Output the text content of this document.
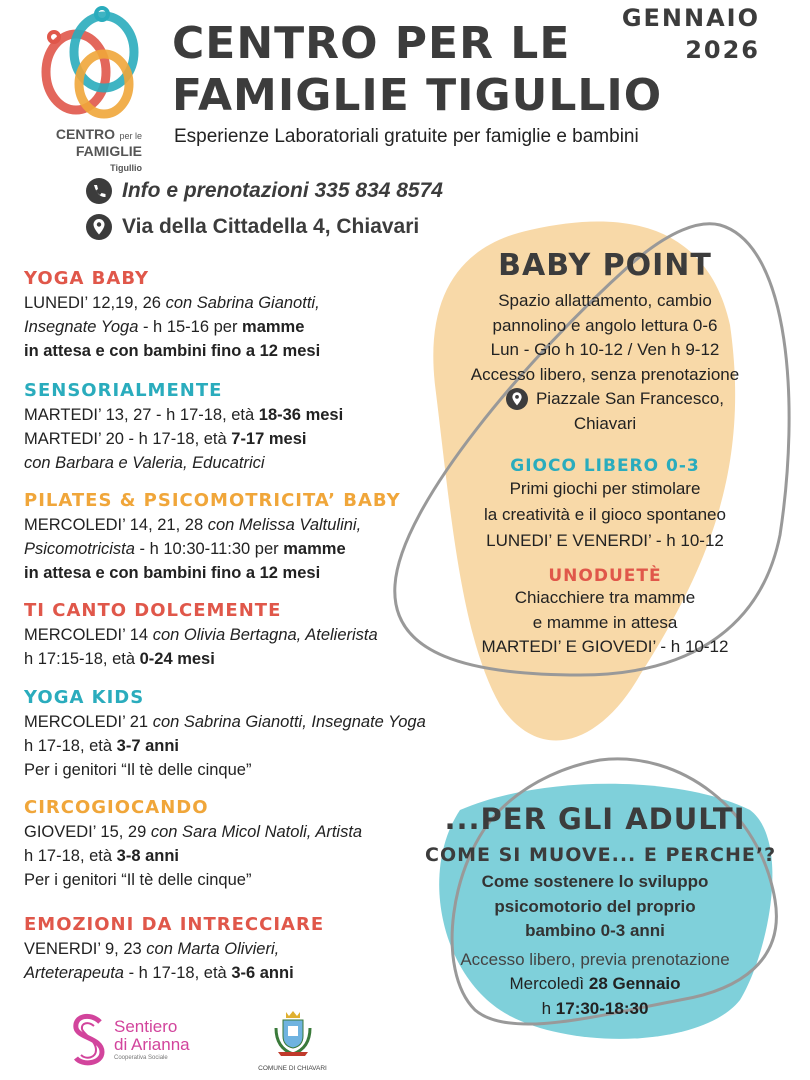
CENTRO per le
FAMIGLIE
Tigullio
CENTRO PER LE
FAMIGLIE TIGULLIO
GENNAIO
2026
Esperienze Laboratoriali gratuite per famiglie e bambini
Info e prenotazioni 335 834 8574
Via della Cittadella 4, Chiavari
YOGA BABY
LUNEDI’ 12,19, 26 con Sabrina Gianotti,
Insegnate Yoga - h 15-16 per mamme
in attesa e con bambini fino a 12 mesi
SENSORIALMENTE
MARTEDI’ 13, 27 - h 17-18, età 18-36 mesi
MARTEDI’ 20 - h 17-18, età 7-17 mesi
con Barbara e Valeria, Educatrici
PILATES & PSICOMOTRICITA’ BABY
MERCOLEDI’ 14, 21, 28 con Melissa Valtulini,
Psicomotricista - h 10:30-11:30 per mamme
in attesa e con bambini fino a 12 mesi
TI CANTO DOLCEMENTE
MERCOLEDI’ 14 con Olivia Bertagna, Atelierista
h 17:15-18, età 0-24 mesi
YOGA KIDS
MERCOLEDI’ 21 con Sabrina Gianotti, Insegnate Yoga
h 17-18, età 3-7 anni
Per i genitori “Il tè delle cinque”
CIRCOGIOCANDO
GIOVEDI’ 15, 29 con Sara Micol Natoli, Artista
h 17-18, età 3-8 anni
Per i genitori “Il tè delle cinque”
EMOZIONI DA INTRECCIARE
VENERDI’ 9, 23 con Marta Olivieri,
Arteterapeuta - h 17-18, età 3-6 anni
BABY POINT
Spazio allattamento, cambio
pannolino e angolo lettura 0-6
Lun - Gio h 10-12 / Ven h 9-12
Accesso libero, senza prenotazione
Piazzale San Francesco,
Chiavari
GIOCO LIBERO 0-3
Primi giochi per stimolare
la creatività e il gioco spontaneo
LUNEDI’ E VENERDI’ - h 10-12
UNODUETÈ
Chiacchiere tra mamme
e mamme in attesa
MARTEDI’ E GIOVEDI’ - h 10-12
...PER GLI ADULTI
COME SI MUOVE... E PERCHE’?
Come sostenere lo sviluppo
psicomotorio del proprio
bambino 0-3 anni
Accesso libero, previa prenotazione
Mercoledì 28 Gennaio
h 17:30-18:30
Sentiero
di Arianna
Cooperativa Sociale
COMUNE DI CHIAVARI
